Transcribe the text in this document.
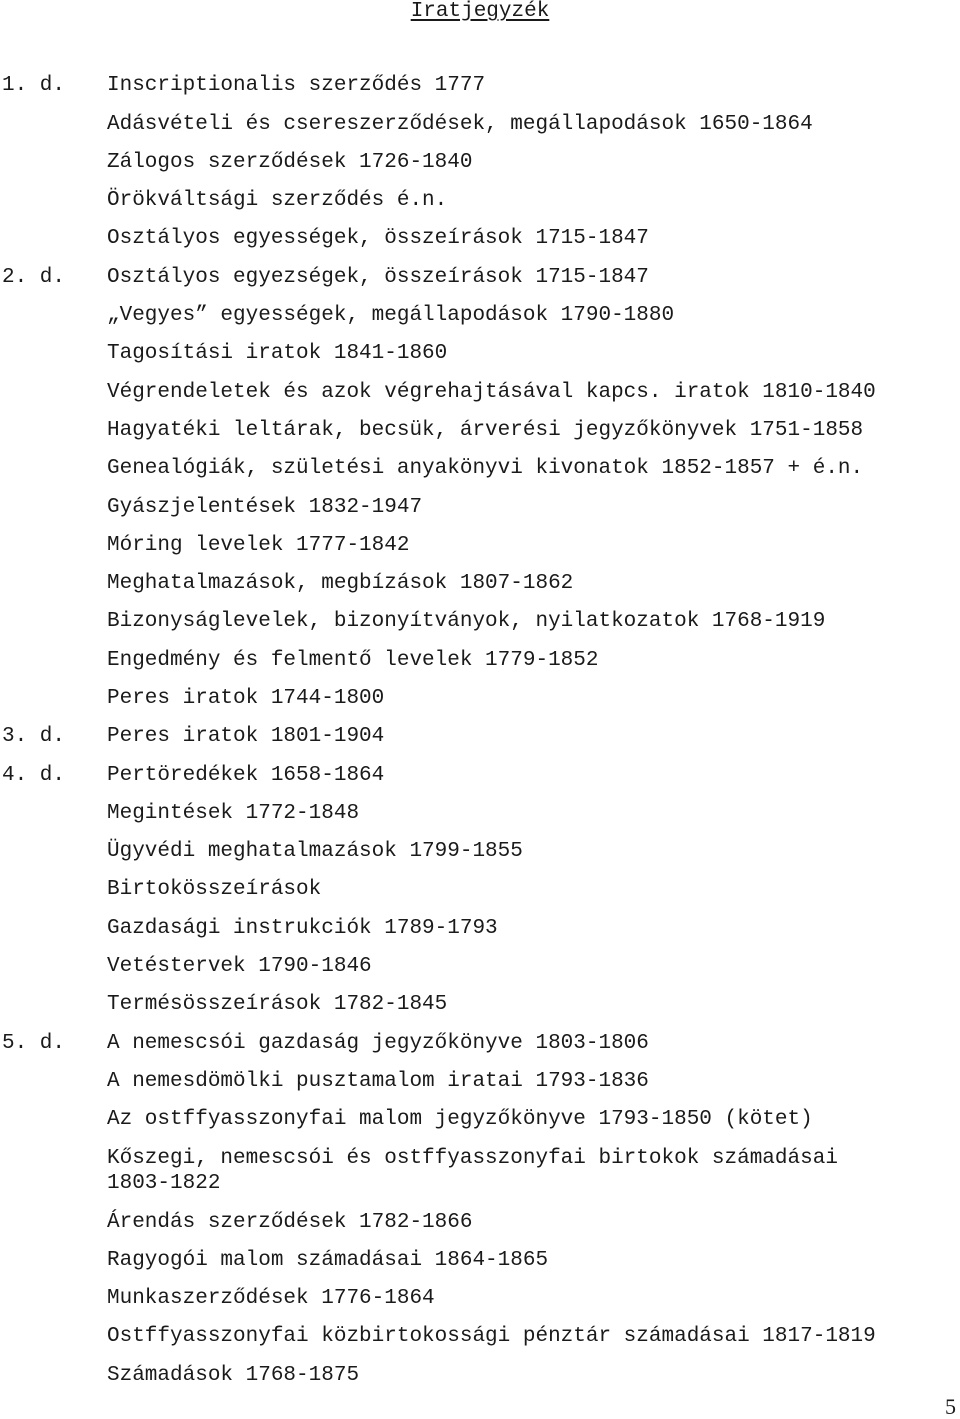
Iratjegyzék
1. d. Inscriptionalis szerződés 1777
Adásvételi és csereszerződések, megállapodások 1650-1864
Zálogos szerződések 1726-1840
Örökváltsági szerződés é.n.
Osztályos egyességek, összeírások 1715-1847
2. d. Osztályos egyezségek, összeírások 1715-1847
„Vegyes” egyességek, megállapodások 1790-1880
Tagosítási iratok 1841-1860
Végrendeletek és azok végrehajtásával kapcs. iratok 1810-1840
Hagyatéki leltárak, becsük, árverési jegyzőkönyvek 1751-1858
Genealógiák, születési anyakönyvi kivonatok 1852-1857 + é.n.
Gyászjelentések 1832-1947
Móring levelek 1777-1842
Meghatalmazások, megbízások 1807-1862
Bizonyságlevelek, bizonyítványok, nyilatkozatok 1768-1919
Engedmény és felmentő levelek 1779-1852
Peres iratok 1744-1800
3. d. Peres iratok 1801-1904
4. d. Pertöredékek 1658-1864
Megintések 1772-1848
Ügyvédi meghatalmazások 1799-1855
Birtokösszeírások
Gazdasági instrukciók 1789-1793
Vetéstervek 1790-1846
Termésösszeírások 1782-1845
5. d. A nemescsói gazdaság jegyzőkönyve 1803-1806
A nemesdömölki pusztamalom iratai 1793-1836
Az ostffyasszonyfai malom jegyzőkönyve 1793-1850 (kötet)
Kőszegi, nemescsói és ostffyasszonyfai birtokok számadásai
1803-1822
Árendás szerződések 1782-1866
Ragyogói malom számadásai 1864-1865
Munkaszerződések 1776-1864
Ostffyasszonyfai közbirtokossági pénztár számadásai 1817-1819
Számadások 1768-1875
5
